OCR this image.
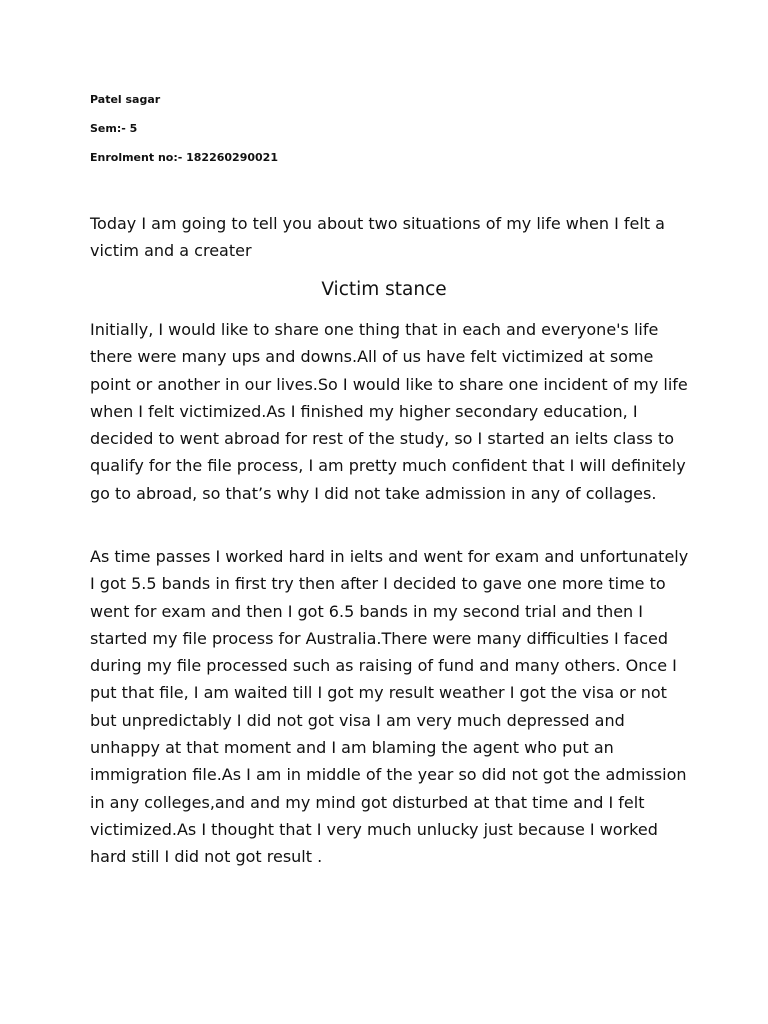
Patel sagar

Sem:- 5

Enrolment no:- 182260290021

Today I am going to tell you about two situations of my life when I felt a victim and a creater

Victim stance

Initially, I would like to share one thing that in each and everyone's life there were many ups and downs.All of us have felt victimized at some point or another in our lives.So I would like to share one incident of my life when I felt victimized.As I finished my higher secondary education, I decided to went abroad for rest of the study, so I started an ielts class to qualify for the file process, I am pretty much confident that I will definitely go to abroad, so that’s why I did not take admission in any of collages.

As time passes I worked hard in ielts and went for exam and unfortunately I got 5.5 bands in first try then after I decided to gave one more time to went for exam and then I got 6.5 bands in my second trial and then I started my file process for Australia.There were many difficulties I faced during my file processed such as raising of fund and many others. Once I put that file, I am waited till I got my result weather I got the visa or not but unpredictably I did not got visa I am very much depressed and unhappy at that moment and I am blaming the agent who put an immigration file.As I am in middle of the year so did not got the admission in any colleges,and and my mind got disturbed at that time and I felt victimized.As I thought that I very much unlucky just because I worked hard still I did not got result .
